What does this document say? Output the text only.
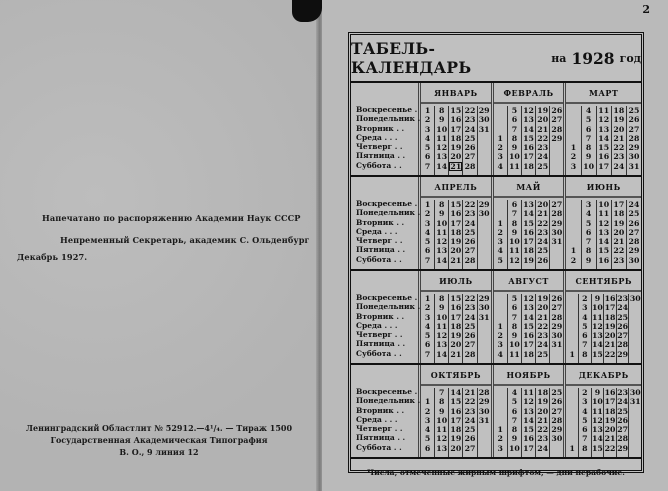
Напечатано по распоряжению Академии Наук СССР
Непременный Секретарь, академик С. Ольденбург
Декабрь 1927.
Ленинградский Областлит № 52912.—4¹/₄. — Тираж 1500
Государственная Академическая Типография
В. О., 9 линия 12
2
ТАБЕЛЬ-КАЛЕНДАРЬ	на 1928 год
Воскресенье .
Понедельник .
Вторник . .
Среда . . .
Четверг . .
Пятница . .
Суббота . .
ЯНВАРЬ
1
2
3
4
5
6
7
8
9
10
11
12
13
14
15
16
17
18
19
20
21
22
23
24
25
26
27
28
29
30
31
ФЕВРАЛЬ
1
2
3
4
5
6
7
8
9
10
11
12
13
14
15
16
17
18
19
20
21
22
23
24
25
26
27
28
29
МАРТ
1
2
3
4
5
6
7
8
9
10
11
12
13
14
15
16
17
18
19
20
21
22
23
24
25
26
27
28
29
30
31
Воскресенье .
Понедельник .
Вторник . .
Среда . . .
Четверг . .
Пятница . .
Суббота . .
АПРЕЛЬ
1
2
3
4
5
6
7
8
9
10
11
12
13
14
15
16
17
18
19
20
21
22
23
24
25
26
27
28
29
30
МАЙ
1
2
3
4
5
6
7
8
9
10
11
12
13
14
15
16
17
18
19
20
21
22
23
24
25
26
27
28
29
30
31
ИЮНЬ
1
2
3
4
5
6
7
8
9
10
11
12
13
14
15
16
17
18
19
20
21
22
23
24
25
26
27
28
29
30
Воскресенье .
Понедельник .
Вторник . .
Среда . . .
Четверг . .
Пятница . .
Суббота . .
ИЮЛЬ
1
2
3
4
5
6
7
8
9
10
11
12
13
14
15
16
17
18
19
20
21
22
23
24
25
26
27
28
29
30
31
АВГУСТ
1
2
3
4
5
6
7
8
9
10
11
12
13
14
15
16
17
18
19
20
21
22
23
24
25
26
27
28
29
30
31
СЕНТЯБРЬ
1
2
3
4
5
6
7
8
9
10
11
12
13
14
15
16
17
18
19
20
21
22
23
24
25
26
27
28
29
30
Воскресенье .
Понедельник .
Вторник . .
Среда . . .
Четверг . .
Пятница . .
Суббота . .
ОКТЯБРЬ
1
2
3
4
5
6
7
8
9
10
11
12
13
14
15
16
17
18
19
20
21
22
23
24
25
26
27
28
29
30
31
НОЯБРЬ
1
2
3
4
5
6
7
8
9
10
11
12
13
14
15
16
17
18
19
20
21
22
23
24
25
26
27
28
29
30
ДЕКАБРЬ
1
2
3
4
5
6
7
8
9
10
11
12
13
14
15
16
17
18
19
20
21
22
23
24
25
26
27
28
29
30
31
Числа, отмеченные жирным шрифтом, — дни нерабочие.
